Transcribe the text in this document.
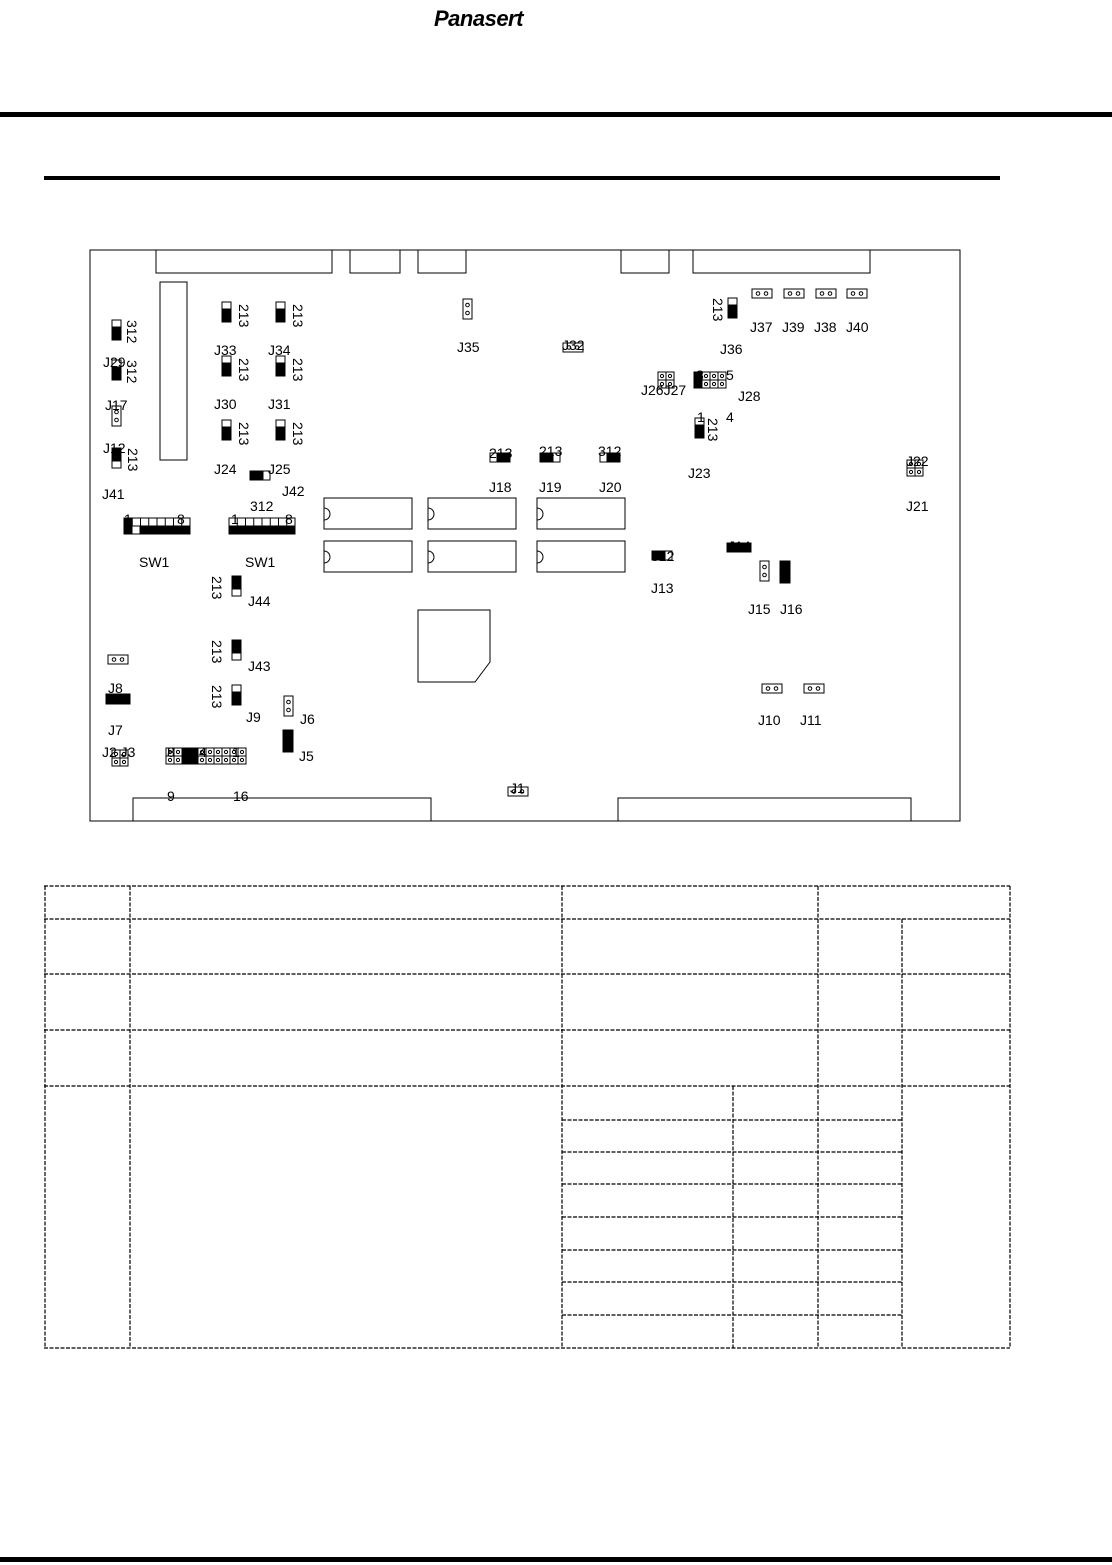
Panasert
J33 J34
J30 J31
J24 J25
J29
J17
J12
J41	J42
J35	J32
J18 J19	J20
J36
J37 J39 J38 J40
J28
J26J27
J23
J22
J21
J13
J14
J15 J16
J44
J43
J9	J6
J5
J8
J7
J2 J3	J4
J1
J10 J11
SW1	SW1
1	8	1	8
8 5
1 4
8	1
9	16
213 213	312
312
312
213	213
213	213
213	213
312
312
213
213
213
213
213
213
